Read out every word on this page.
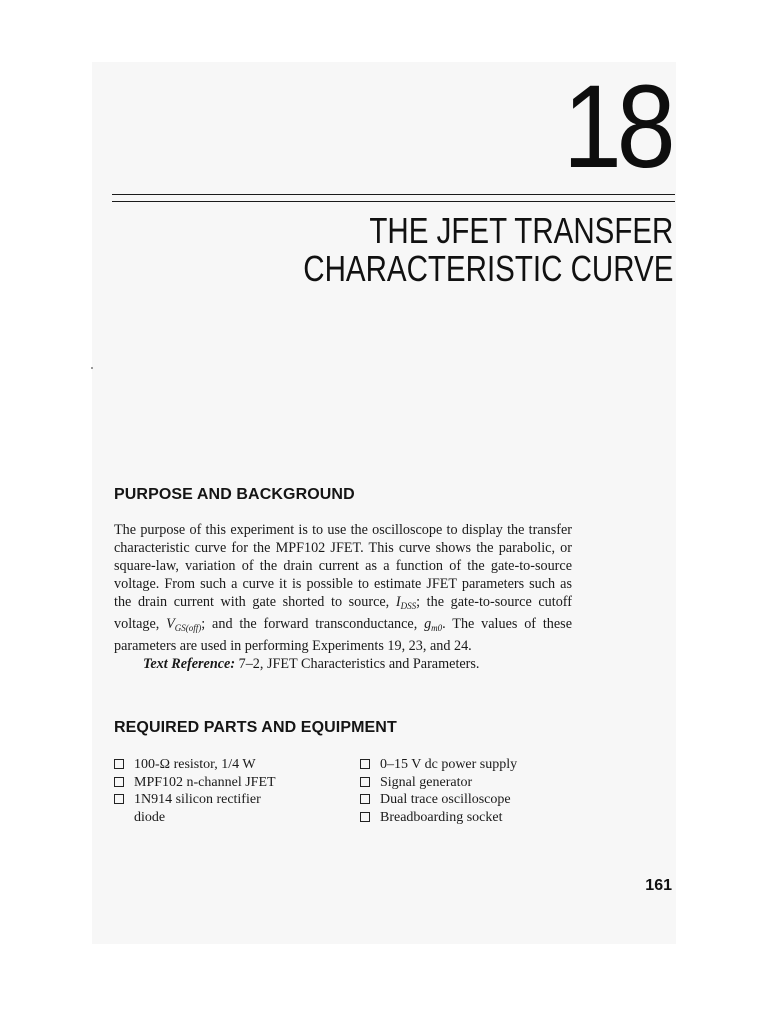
18
THE JFET TRANSFER
CHARACTERISTIC CURVE
PURPOSE AND BACKGROUND

The purpose of this experiment is to use the oscilloscope to display the transfer characteristic curve for the MPF102 JFET. This curve shows the parabolic, or square-law, variation of the drain current as a function of the gate-to-source voltage. From such a curve it is possible to estimate JFET parameters such as the drain current with gate shorted to source, $I_{DSS}$; the gate-to-source cutoff voltage, $V_{GS(off)}$; and the forward transconductance, $g_{m0}$. The values of these parameters are used in performing Experiments 19, 23, and 24.

Text Reference: 7–2, JFET Characteristics and Parameters.

REQUIRED PARTS AND EQUIPMENT
100-Ω resistor, 1/4 W
MPF102 n-channel JFET
1N914 silicon rectifier
diode
0–15 V dc power supply
Signal generator
Dual trace oscilloscope
Breadboarding socket
161
